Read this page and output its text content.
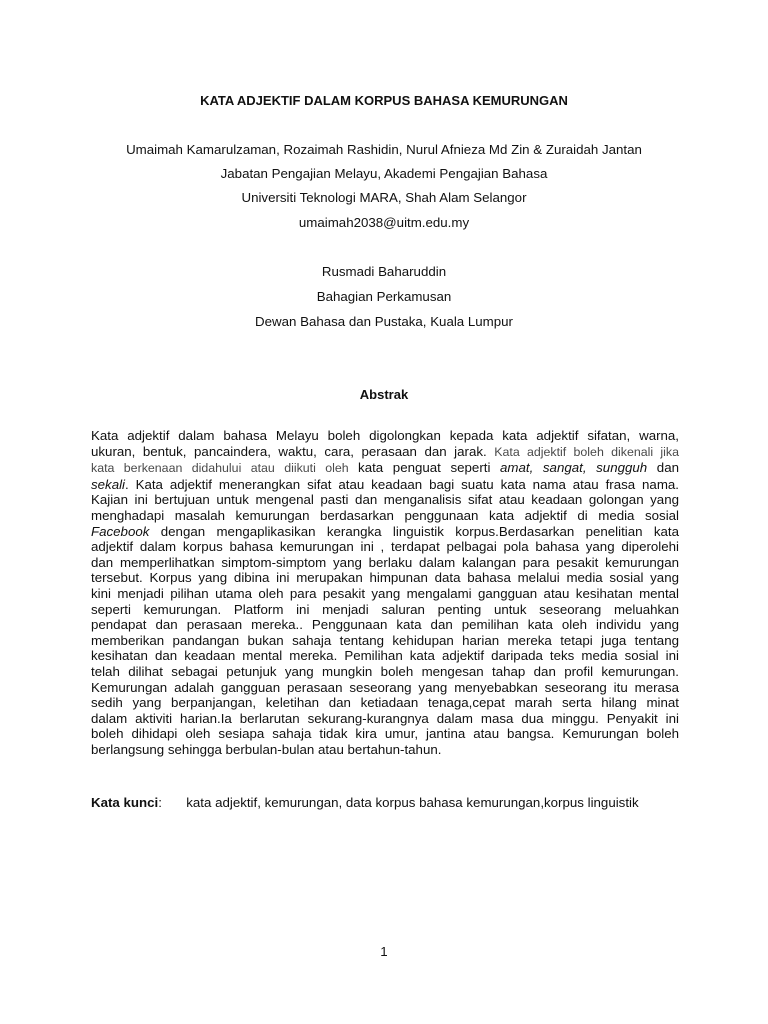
KATA ADJEKTIF DALAM KORPUS BAHASA KEMURUNGAN
Umaimah Kamarulzaman, Rozaimah Rashidin, Nurul Afnieza Md Zin & Zuraidah Jantan
Jabatan Pengajian Melayu, Akademi Pengajian Bahasa
Universiti Teknologi MARA, Shah Alam Selangor
umaimah2038@uitm.edu.my
Rusmadi Baharuddin
Bahagian Perkamusan
Dewan Bahasa dan Pustaka, Kuala Lumpur
Abstrak
Kata adjektif dalam bahasa Melayu boleh digolongkan kepada kata adjektif sifatan, warna,
ukuran, bentuk, pancaindera, waktu, cara, perasaan dan jarak. Kata adjektif boleh dikenali jika
kata berkenaan didahului atau diikuti oleh kata penguat seperti amat, sangat, sungguh dan
sekali. Kata adjektif menerangkan sifat atau keadaan bagi suatu kata nama atau frasa nama.
Kajian ini bertujuan untuk mengenal pasti dan menganalisis sifat atau keadaan golongan yang
menghadapi masalah kemurungan berdasarkan penggunaan kata adjektif di media sosial
Facebook dengan mengaplikasikan kerangka linguistik korpus.Berdasarkan penelitian kata
adjektif dalam korpus bahasa kemurungan ini , terdapat pelbagai pola bahasa yang diperolehi
dan memperlihatkan simptom-simptom yang berlaku dalam kalangan para pesakit kemurungan
tersebut. Korpus yang dibina ini merupakan himpunan data bahasa melalui media sosial yang
kini menjadi pilihan utama oleh para pesakit yang mengalami gangguan atau kesihatan mental
seperti kemurungan. Platform ini menjadi saluran penting untuk seseorang meluahkan
pendapat dan perasaan mereka.. Penggunaan kata dan pemilihan kata oleh individu yang
memberikan pandangan bukan sahaja tentang kehidupan harian mereka tetapi juga tentang
kesihatan dan keadaan mental mereka. Pemilihan kata adjektif daripada teks media sosial ini
telah dilihat sebagai petunjuk yang mungkin boleh mengesan tahap dan profil kemurungan.
Kemurungan adalah gangguan perasaan seseorang yang menyebabkan seseorang itu merasa
sedih yang berpanjangan, keletihan dan ketiadaan tenaga,cepat marah serta hilang minat
dalam aktiviti harian.Ia berlarutan sekurang-kurangnya dalam masa dua minggu. Penyakit ini
boleh dihidapi oleh sesiapa sahaja tidak kira umur, jantina atau bangsa. Kemurungan boleh
berlangsung sehingga berbulan-bulan atau bertahun-tahun.
Kata kunci: kata adjektif, kemurungan, data korpus bahasa kemurungan,korpus linguistik
1
